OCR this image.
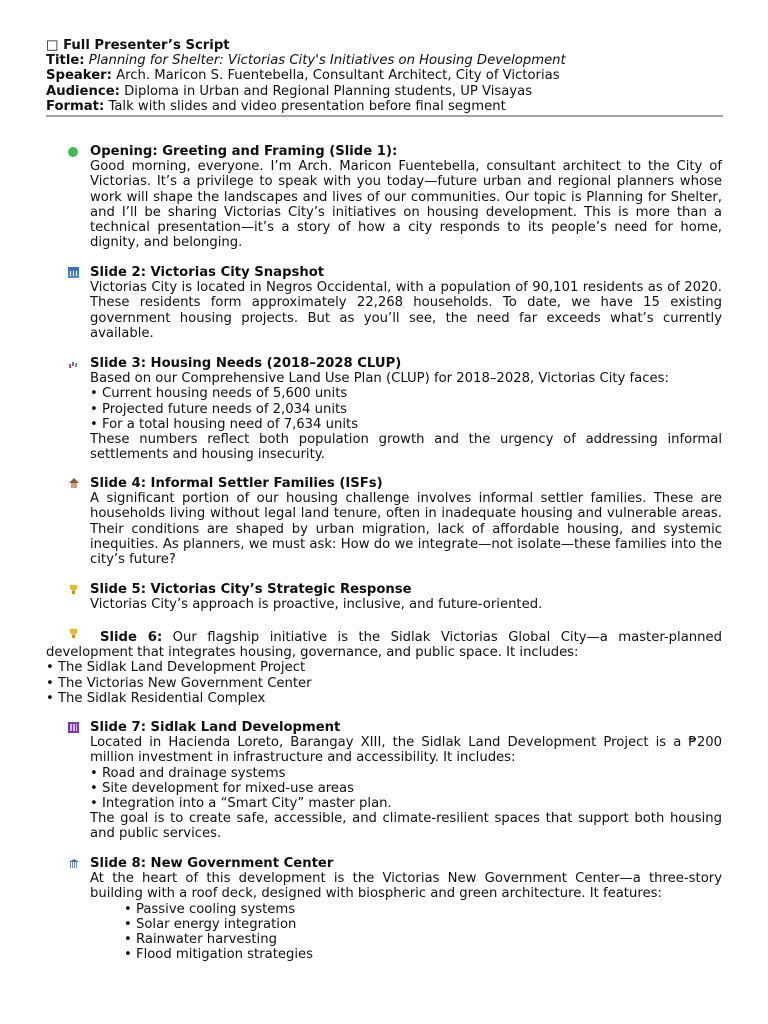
□ Full Presenter’s Script
Title: Planning for Shelter: Victorias City's Initiatives on Housing Development
Speaker: Arch. Maricon S. Fuentebella, Consultant Architect, City of Victorias
Audience: Diploma in Urban and Regional Planning students, UP Visayas
Format: Talk with slides and video presentation before final segment
Opening: Greeting and Framing (Slide 1):
Good morning, everyone. I’m Arch. Maricon Fuentebella, consultant architect to the City of Victorias. It’s a privilege to speak with you today—future urban and regional planners whose work will shape the landscapes and lives of our communities. Our topic is Planning for Shelter, and I’ll be sharing Victorias City’s initiatives on housing development. This is more than a technical presentation—it’s a story of how a city responds to its people’s need for home, dignity, and belonging.
Slide 2: Victorias City Snapshot
Victorias City is located in Negros Occidental, with a population of 90,101 residents as of 2020. These residents form approximately 22,268 households. To date, we have 15 existing government housing projects. But as you’ll see, the need far exceeds what’s currently available.
Slide 3: Housing Needs (2018–2028 CLUP)
Based on our Comprehensive Land Use Plan (CLUP) for 2018–2028, Victorias City faces:
• Current housing needs of 5,600 units
• Projected future needs of 2,034 units
• For a total housing need of 7,634 units
These numbers reflect both population growth and the urgency of addressing informal settlements and housing insecurity.
Slide 4: Informal Settler Families (ISFs)
A significant portion of our housing challenge involves informal settler families. These are households living without legal land tenure, often in inadequate housing and vulnerable areas. Their conditions are shaped by urban migration, lack of affordable housing, and systemic inequities. As planners, we must ask: How do we integrate—not isolate—these families into the city’s future?
Slide 5: Victorias City’s Strategic Response
Victorias City’s approach is proactive, inclusive, and future-oriented.
Slide 6: Our flagship initiative is the Sidlak Victorias Global City—a master-planned development that integrates housing, governance, and public space. It includes:
• The Sidlak Land Development Project
• The Victorias New Government Center
• The Sidlak Residential Complex
Slide 7: Sidlak Land Development
Located in Hacienda Loreto, Barangay XIII, the Sidlak Land Development Project is a ₱200 million investment in infrastructure and accessibility. It includes:
• Road and drainage systems
• Site development for mixed-use areas
• Integration into a “Smart City” master plan.
The goal is to create safe, accessible, and climate-resilient spaces that support both housing and public services.
Slide 8: New Government Center
At the heart of this development is the Victorias New Government Center—a three-story building with a roof deck, designed with biospheric and green architecture. It features:
• Passive cooling systems
• Solar energy integration
• Rainwater harvesting
• Flood mitigation strategies
